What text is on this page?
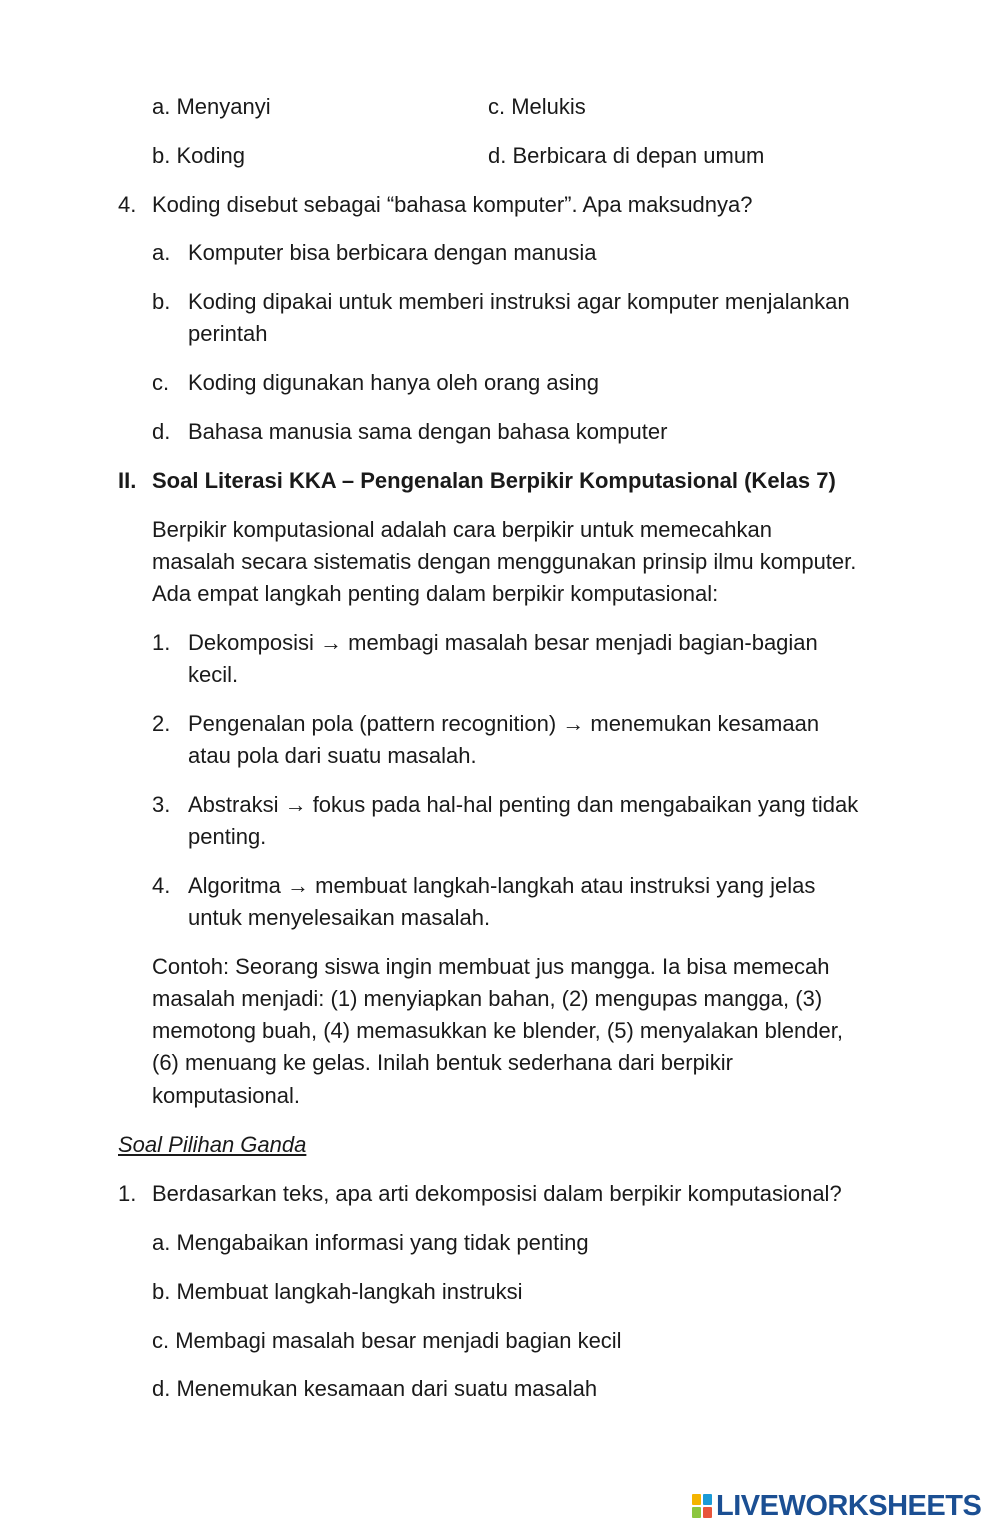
a. Menyanyi	c. Melukis
b. Koding	d. Berbicara di depan umum
4. Koding disebut sebagai “bahasa komputer”. Apa maksudnya?
a. Komputer bisa berbicara dengan manusia
b. Koding dipakai untuk memberi instruksi agar komputer menjalankan
perintah
c. Koding digunakan hanya oleh orang asing
d. Bahasa manusia sama dengan bahasa komputer
II. Soal Literasi KKA – Pengenalan Berpikir Komputasional (Kelas 7)
Berpikir komputasional adalah cara berpikir untuk memecahkan
masalah secara sistematis dengan menggunakan prinsip ilmu komputer.
Ada empat langkah penting dalam berpikir komputasional:
1. Dekomposisi → membagi masalah besar menjadi bagian-bagian
kecil.
2. Pengenalan pola (pattern recognition) → menemukan kesamaan
atau pola dari suatu masalah.
3. Abstraksi → fokus pada hal-hal penting dan mengabaikan yang tidak
penting.
4. Algoritma → membuat langkah-langkah atau instruksi yang jelas
untuk menyelesaikan masalah.
Contoh: Seorang siswa ingin membuat jus mangga. Ia bisa memecah
masalah menjadi: (1) menyiapkan bahan, (2) mengupas mangga, (3)
memotong buah, (4) memasukkan ke blender, (5) menyalakan blender,
(6) menuang ke gelas. Inilah bentuk sederhana dari berpikir
komputasional.
Soal Pilihan Ganda
1. Berdasarkan teks, apa arti dekomposisi dalam berpikir komputasional?
a. Mengabaikan informasi yang tidak penting
b. Membuat langkah-langkah instruksi
c. Membagi masalah besar menjadi bagian kecil
d. Menemukan kesamaan dari suatu masalah
LIVEWORKSHEETS
